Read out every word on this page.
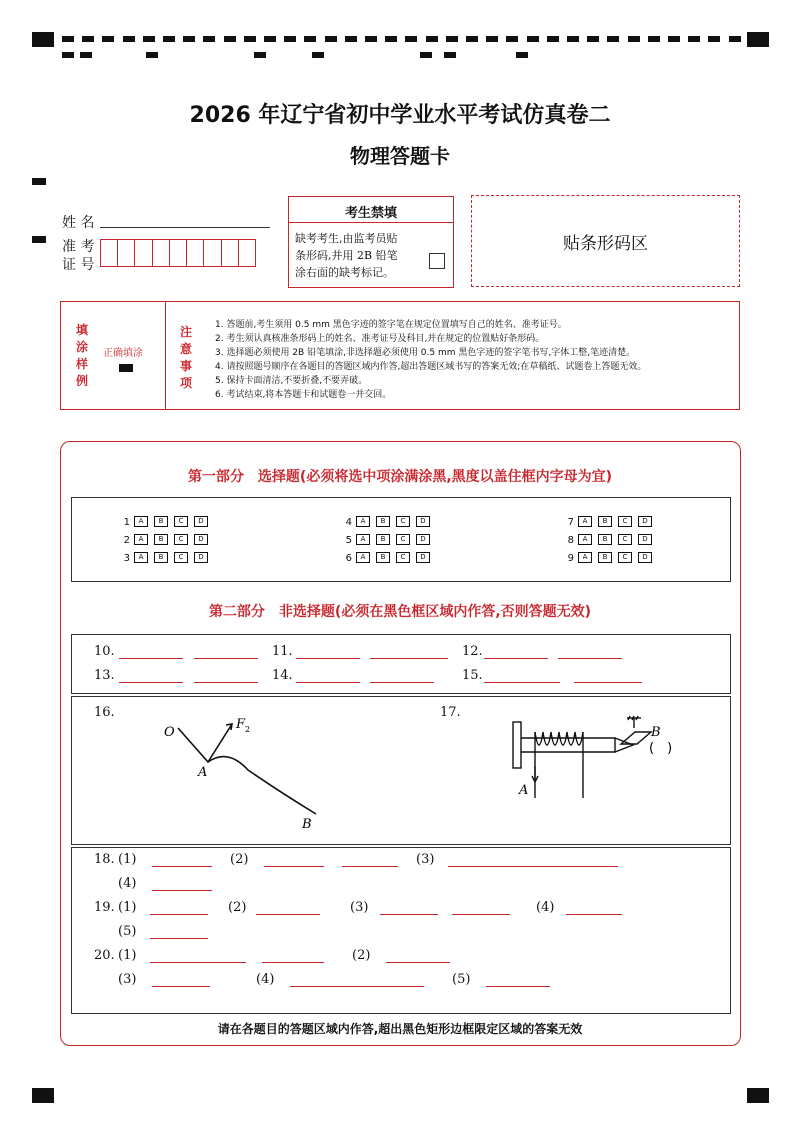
2026 年辽宁省初中学业水平考试仿真卷二
物理答题卡
姓 名
准 考
证 号
考生禁填
缺考考生,由监考员贴
条形码,并用 2B 铅笔
涂右面的缺考标记。
贴条形码区
填
涂
样
例
正确填涂
注
意
事
项
1. 答题前,考生须用 0.5 mm 黑色字迹的签字笔在规定位置填写自己的姓名、准考证号。
2. 考生须认真核准条形码上的姓名、准考证号及科目,并在规定的位置贴好条形码。
3. 选择题必须使用 2B 铅笔填涂,非选择题必须使用 0.5 mm 黑色字迹的签字笔书写,字体工整,笔迹清楚。
4. 请按照题号顺序在各题目的答题区域内作答,超出答题区域书写的答案无效;在草稿纸、试题卷上答题无效。
5. 保持卡面清洁,不要折叠,不要弄破。
6. 考试结束,将本答题卡和试题卷一并交回。
第一部分　选择题(必须将选中项涂满涂黑,黑度以盖住框内字母为宜)
1 A B C D
2 A B C D
3 A B C D
4 A B C D
5 A B C D
6 A B C D
7 A B C D
8 A B C D
9 A B C D
第二部分　非选择题(必须在黑色框区域内作答,否则答题无效)
10.	11.	12.
13.	14.	15.
16.	17.
O
A
B
F 2
A
B
(　)
18. (1)	(2)	(3)
(4)
19. (1)	(2)	(3)	(4)
(5)
20. (1)	(2)
(3)	(4)	(5)
请在各题目的答题区域内作答,超出黑色矩形边框限定区域的答案无效
